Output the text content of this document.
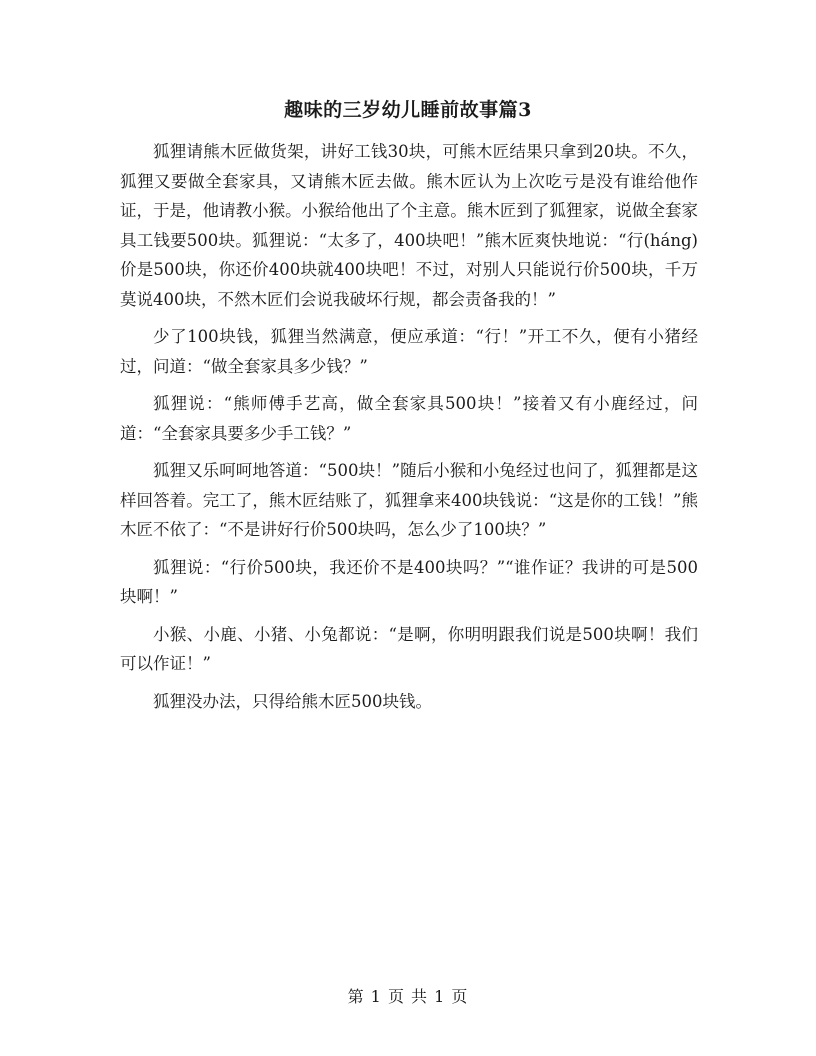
趣味的三岁幼儿睡前故事篇3

狐狸请熊木匠做货架，讲好工钱30块，可熊木匠结果只拿到20块。不久，狐狸又要做全套家具，又请熊木匠去做。熊木匠认为上次吃亏是没有谁给他作证，于是，他请教小猴。小猴给他出了个主意。熊木匠到了狐狸家，说做全套家具工钱要500块。狐狸说：“太多了，400块吧！”熊木匠爽快地说：“行(háng)价是500块，你还价400块就400块吧！不过，对别人只能说行价500块，千万莫说400块，不然木匠们会说我破坏行规，都会责备我的！”

少了100块钱，狐狸当然满意，便应承道：“行！”开工不久，便有小猪经过，问道：“做全套家具多少钱？”

狐狸说：“熊师傅手艺高，做全套家具500块！”接着又有小鹿经过，问道：“全套家具要多少手工钱？”

狐狸又乐呵呵地答道：“500块！”随后小猴和小兔经过也问了，狐狸都是这样回答着。完工了，熊木匠结账了，狐狸拿来400块钱说：“这是你的工钱！”熊木匠不依了：“不是讲好行价500块吗，怎么少了100块？”

狐狸说：“行价500块，我还价不是400块吗？”“谁作证？我讲的可是500块啊！”

小猴、小鹿、小猪、小兔都说：“是啊，你明明跟我们说是500块啊！我们可以作证！”

狐狸没办法，只得给熊木匠500块钱。

第 1 页 共 1 页
